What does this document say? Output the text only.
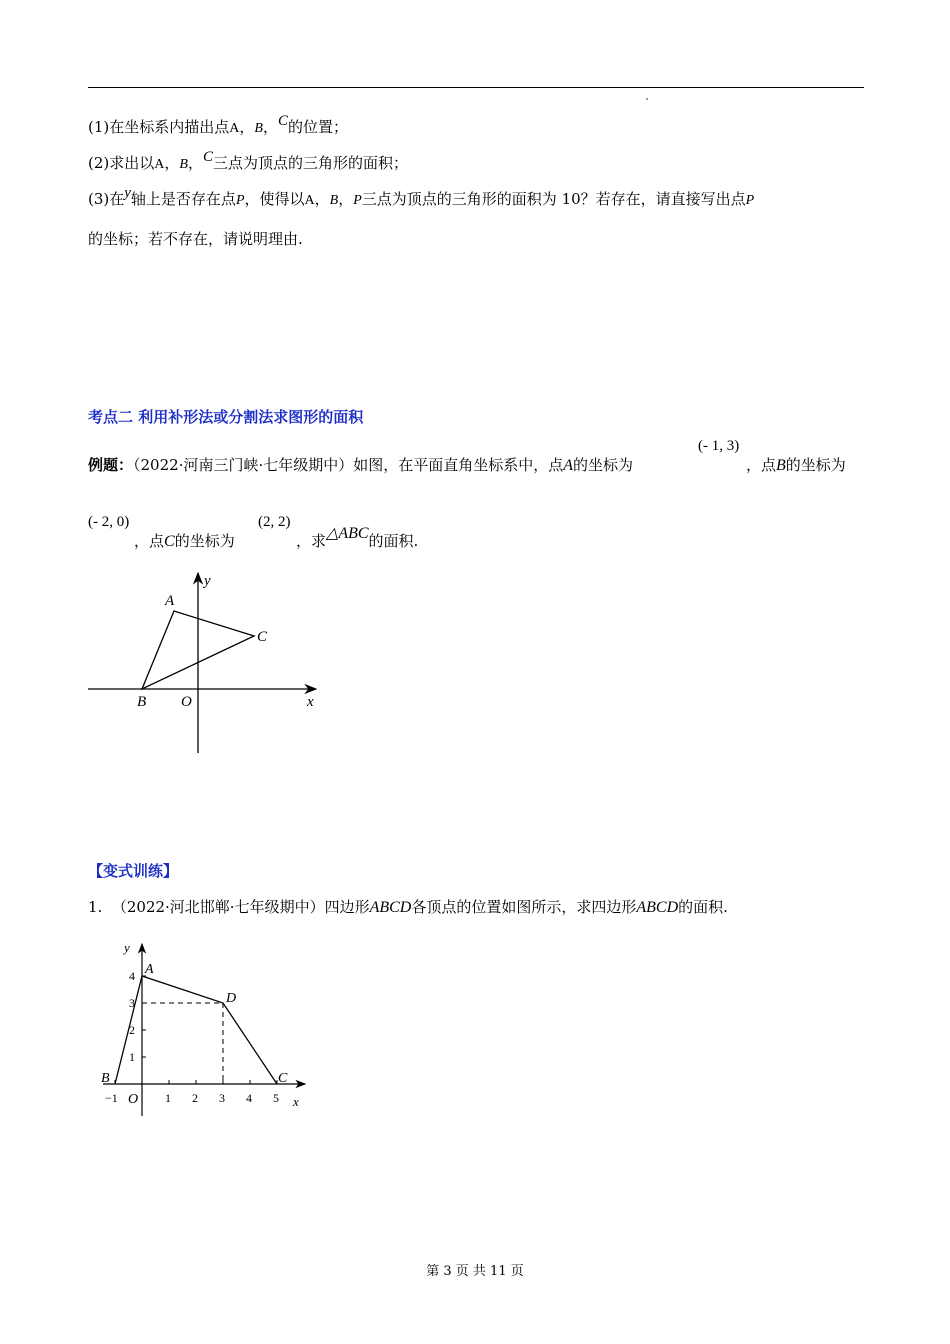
(1)在坐标系内描出点A，B，C的位置；
(2)求出以A，B，C三点为顶点的三角形的面积；
(3)在y轴上是否存在点P，使得以A，B，P三点为顶点的三角形的面积为 10？若存在，请直接写出点P
的坐标；若不存在，请说明理由.
考点二 利用补形法或分割法求图形的面积
例题：（2022·河南三门峡·七年级期中）如图，在平面直角坐标系中，点A的坐标为
(- 1, 3)
，点B的坐标为
(- 2, 0)
，点C的坐标为
(2, 2)
，求△ABC的面积.
A
B
C
O	x
y
【变式训练】
1. （2022·河北邯郸·七年级期中）四边形ABCD各顶点的位置如图所示，求四边形ABCD的面积.
−1	1 2 3 4 5
1
2
3
4 A
B	C
D
O	x
y
第 3 页 共 11 页
